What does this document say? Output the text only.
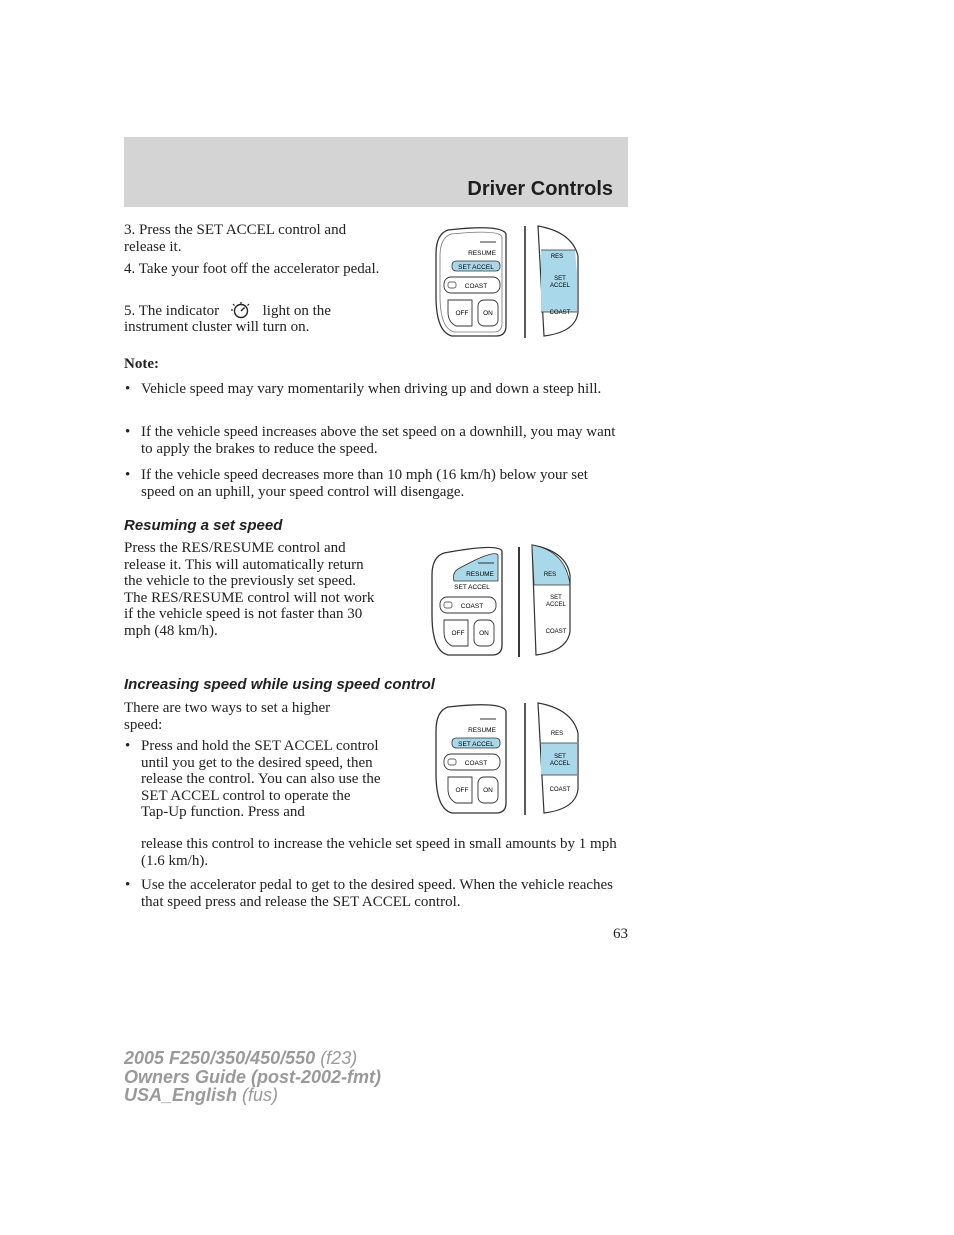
Driver Controls

3. Press the SET ACCEL control and release it.

4. Take your foot off the accelerator pedal.

5. The indicator	light on the

instrument cluster will turn on.

RESUME
SET ACCEL
COAST
OFF ON
RES
SET
ACCEL
COAST

Note:

• Vehicle speed may vary momentarily when driving up and down a steep hill.

• If the vehicle speed increases above the set speed on a downhill, you may want to apply the brakes to reduce the speed.

• If the vehicle speed decreases more than 10 mph (16 km/h) below your set speed on an uphill, your speed control will disengage.

Resuming a set speed

Press the RES/RESUME control and release it. This will automatically return the vehicle to the previously set speed. The RES/RESUME control will not work if the vehicle speed is not faster than 30 mph (48 km/h).

RESUME
SET ACCEL
COAST
OFF ON
RES
SET
ACCEL
COAST
Increasing speed while using speed control

There are two ways to set a higher speed:

• Press and hold the SET ACCEL control until you get to the desired speed, then release the control. You can also use the SET ACCEL control to operate the Tap-Up function. Press and

release this control to increase the vehicle set speed in small amounts by 1 mph (1.6 km/h).

• Use the accelerator pedal to get to the desired speed. When the vehicle reaches that speed press and release the SET ACCEL control.

RESUME
SET ACCEL
COAST
OFF ON
RES
SET
ACCEL
COAST
63
2005 F250/350/450/550 (f23)
Owners Guide (post-2002-fmt)
USA_English (fus)
